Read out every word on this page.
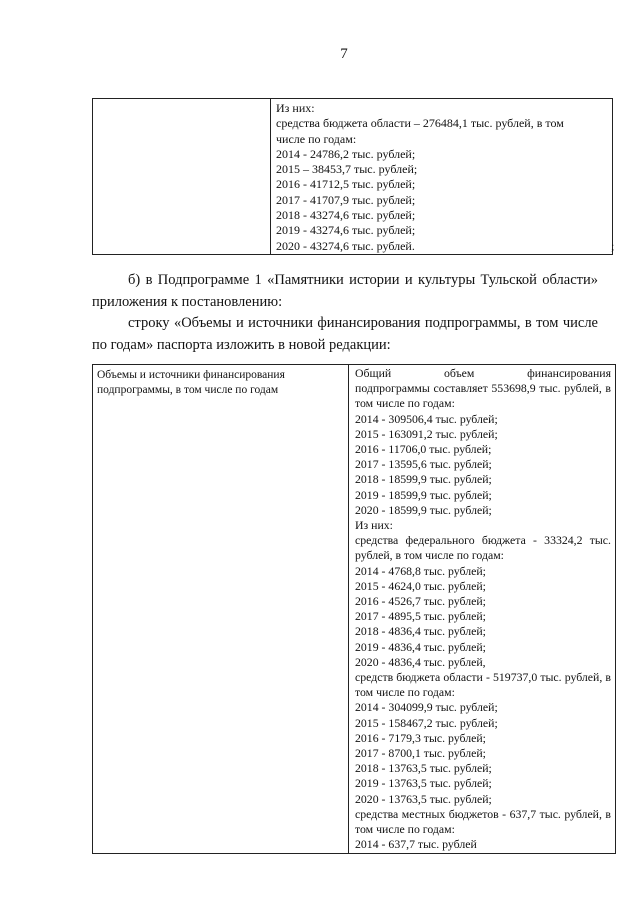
7

Из них:
средства бюджета области – 276484,1 тыс. рублей, в том
числе по годам:
2014 - 24786,2 тыс. рублей;
2015 – 38453,7 тыс. рублей;
2016 - 41712,5 тыс. рублей;
2017 - 41707,9 тыс. рублей;
2018 - 43274,6 тыс. рублей;
2019 - 43274,6 тыс. рублей;
2020 - 43274,6 тыс. рублей.	;
б) в Подпрограмме 1 «Памятники истории и культуры Тульской области» приложения к постановлению:
строку «Объемы и источники финансирования подпрограммы, в том числе по годам» паспорта изложить в новой редакции:
Объемы и источники финансирования подпрограммы, в том числе по годам	
Общий	объем	финансирования
подпрограммы составляет 553698,9 тыс. рублей, в том числе по годам:
2014 - 309506,4 тыс. рублей;
2015 - 163091,2 тыс. рублей;
2016 - 11706,0 тыс. рублей;
2017 - 13595,6 тыс. рублей;
2018 - 18599,9 тыс. рублей;
2019 - 18599,9 тыс. рублей;
2020 - 18599,9 тыс. рублей;
Из них:
средства федерального бюджета - 33324,2 тыс. рублей, в том числе по годам:
2014 - 4768,8 тыс. рублей;
2015 - 4624,0 тыс. рублей;
2016 - 4526,7 тыс. рублей;
2017 - 4895,5 тыс. рублей;
2018 - 4836,4 тыс. рублей;
2019 - 4836,4 тыс. рублей;
2020 - 4836,4 тыс. рублей,
средств бюджета области - 519737,0 тыс. рублей, в том числе по годам:
2014 - 304099,9 тыс. рублей;
2015 - 158467,2 тыс. рублей;
2016 - 7179,3 тыс. рублей;
2017 - 8700,1 тыс. рублей;
2018 - 13763,5 тыс. рублей;
2019 - 13763,5 тыс. рублей;
2020 - 13763,5 тыс. рублей;
средства местных бюджетов - 637,7 тыс. рублей, в том числе по годам:
2014 - 637,7 тыс. рублей
